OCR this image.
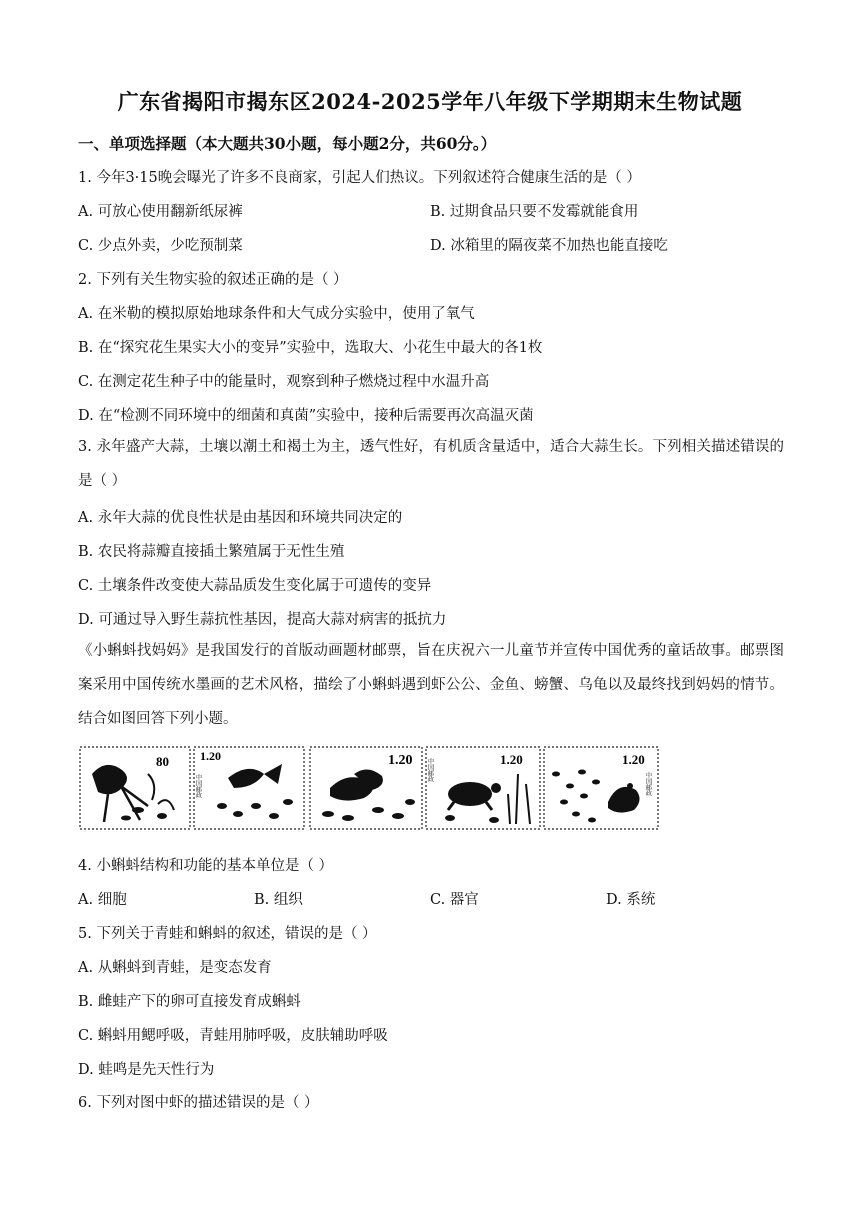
广东省揭阳市揭东区2024-2025学年八年级下学期期末生物试题
一、单项选择题（本大题共30小题，每小题2分，共60分。）
1. 今年3·15晚会曝光了许多不良商家，引起人们热议。下列叙述符合健康生活的是（ ）
A. 可放心使用翻新纸尿裤	B. 过期食品只要不发霉就能食用
C. 少点外卖，少吃预制菜	D. 冰箱里的隔夜菜不加热也能直接吃
2. 下列有关生物实验的叙述正确的是（ ）
A. 在米勒的模拟原始地球条件和大气成分实验中，使用了氧气
B. 在“探究花生果实大小的变异”实验中，选取大、小花生中最大的各1枚
C. 在测定花生种子中的能量时，观察到种子燃烧过程中水温升高
D. 在“检测不同环境中的细菌和真菌”实验中，接种后需要再次高温灭菌
3. 永年盛产大蒜，土壤以潮土和褐土为主，透气性好，有机质含量适中，适合大蒜生长。下列相关描述错误的是（ ）
A. 永年大蒜的优良性状是由基因和环境共同决定的
B. 农民将蒜瓣直接插土繁殖属于无性生殖
C. 土壤条件改变使大蒜品质发生变化属于可遗传的变异
D. 可通过导入野生蒜抗性基因，提高大蒜对病害的抵抗力
《小蝌蚪找妈妈》是我国发行的首版动画题材邮票，旨在庆祝六一儿童节并宣传中国优秀的童话故事。邮票图案采用中国传统水墨画的艺术风格，描绘了小蝌蚪遇到虾公公、金鱼、螃蟹、乌龟以及最终找到妈妈的情节。结合如图回答下列小题。
80	1.20
中国邮政
1.20	1.20
中国邮政	1.20
中国邮政
4. 小蝌蚪结构和功能的基本单位是（ ）
A. 细胞	B. 组织	C. 器官	D. 系统
5. 下列关于青蛙和蝌蚪的叙述，错误的是（ ）
A. 从蝌蚪到青蛙，是变态发育
B. 雌蛙产下的卵可直接发育成蝌蚪
C. 蝌蚪用鳃呼吸，青蛙用肺呼吸，皮肤辅助呼吸
D. 蛙鸣是先天性行为
6. 下列对图中虾的描述错误的是（ ）
